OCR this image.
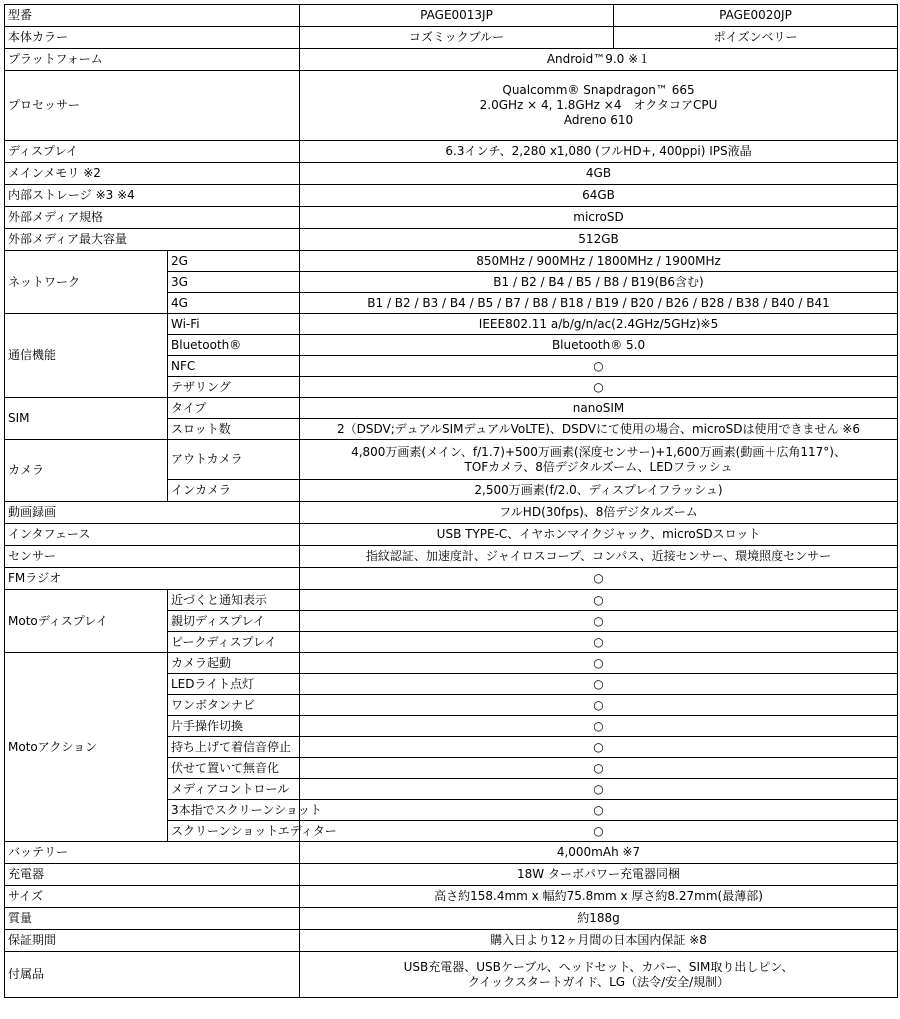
型番		PAGE0013JP	PAGE0020JP
本体カラー		コズミックブルー	ポイズンベリー
プラットフォーム		Android™9.0 ※１	
プロセッサー		Qualcomm® Snapdragon™ 665
2.0GHz × 4, 1.8GHz ×4　オクタコアCPU
Adreno 610	

ディスプレイ		6.3インチ、2,280 x1,080 (フルHD+, 400ppi) IPS液晶	
メインメモリ ※2		4GB	
内部ストレージ ※3 ※4		64GB	
外部メディア規格		microSD	
外部メディア最大容量		512GB	
ネットワーク	2G	850MHz / 900MHz / 1800MHz / 1900MHz	
	3G	B1 / B2 / B4 / B5 / B8 / B19(B6含む)	
	4G	B1 / B2 / B3 / B4 / B5 / B7 / B8 / B18 / B19 / B20 / B26 / B28 / B38 / B40 / B41	
通信機能	Wi-Fi	IEEE802.11 a/b/g/n/ac(2.4GHz/5GHz)※5	
	Bluetooth®	Bluetooth® 5.0	
	NFC	○	
	テザリング	○	
SIM	タイプ	nanoSIM	
	スロット数	2（DSDV;デュアルSIMデュアルVoLTE)、DSDVにて使用の場合、microSDは使用できません ※6	
カメラ	アウトカメラ	4,800万画素(メイン、f/1.7)+500万画素(深度センサー)+1,600万画素(動画＋広角117°)、
TOFカメラ、8倍デジタルズーム、LEDフラッシュ	

	インカメラ	2,500万画素(f/2.0、ディスプレイフラッシュ)	
動画録画		フルHD(30fps)、8倍デジタルズーム	
インタフェース		USB TYPE-C、イヤホンマイクジャック、microSDスロット	
センサー		指紋認証、加速度計、ジャイロスコープ、コンパス、近接センサー、環境照度センサー	
FMラジオ		○	
Motoディスプレイ	近づくと通知表示	○	
	親切ディスプレイ	○	
	ピークディスプレイ	○	
Motoアクション	カメラ起動	○	
	LEDライト点灯	○	
	ワンボタンナビ	○	
	片手操作切換	○	
	持ち上げて着信音停止	○	
	伏せて置いて無音化	○	
	メディアコントロール	○	
	3本指でスクリーンショット	○	
	スクリーンショットエディター	○	
バッテリー		4,000mAh ※7	
充電器		18W ターボパワー充電器同梱	
サイズ		高さ約158.4mm x 幅約75.8mm x 厚さ約8.27mm(最薄部)	
質量		約188g	
保証期間		購入日より12ヶ月間の日本国内保証 ※8	
付属品		USB充電器、USBケーブル、ヘッドセット、カバー、SIM取り出しピン、
クイックスタートガイド、LG（法令/安全/規制）	
